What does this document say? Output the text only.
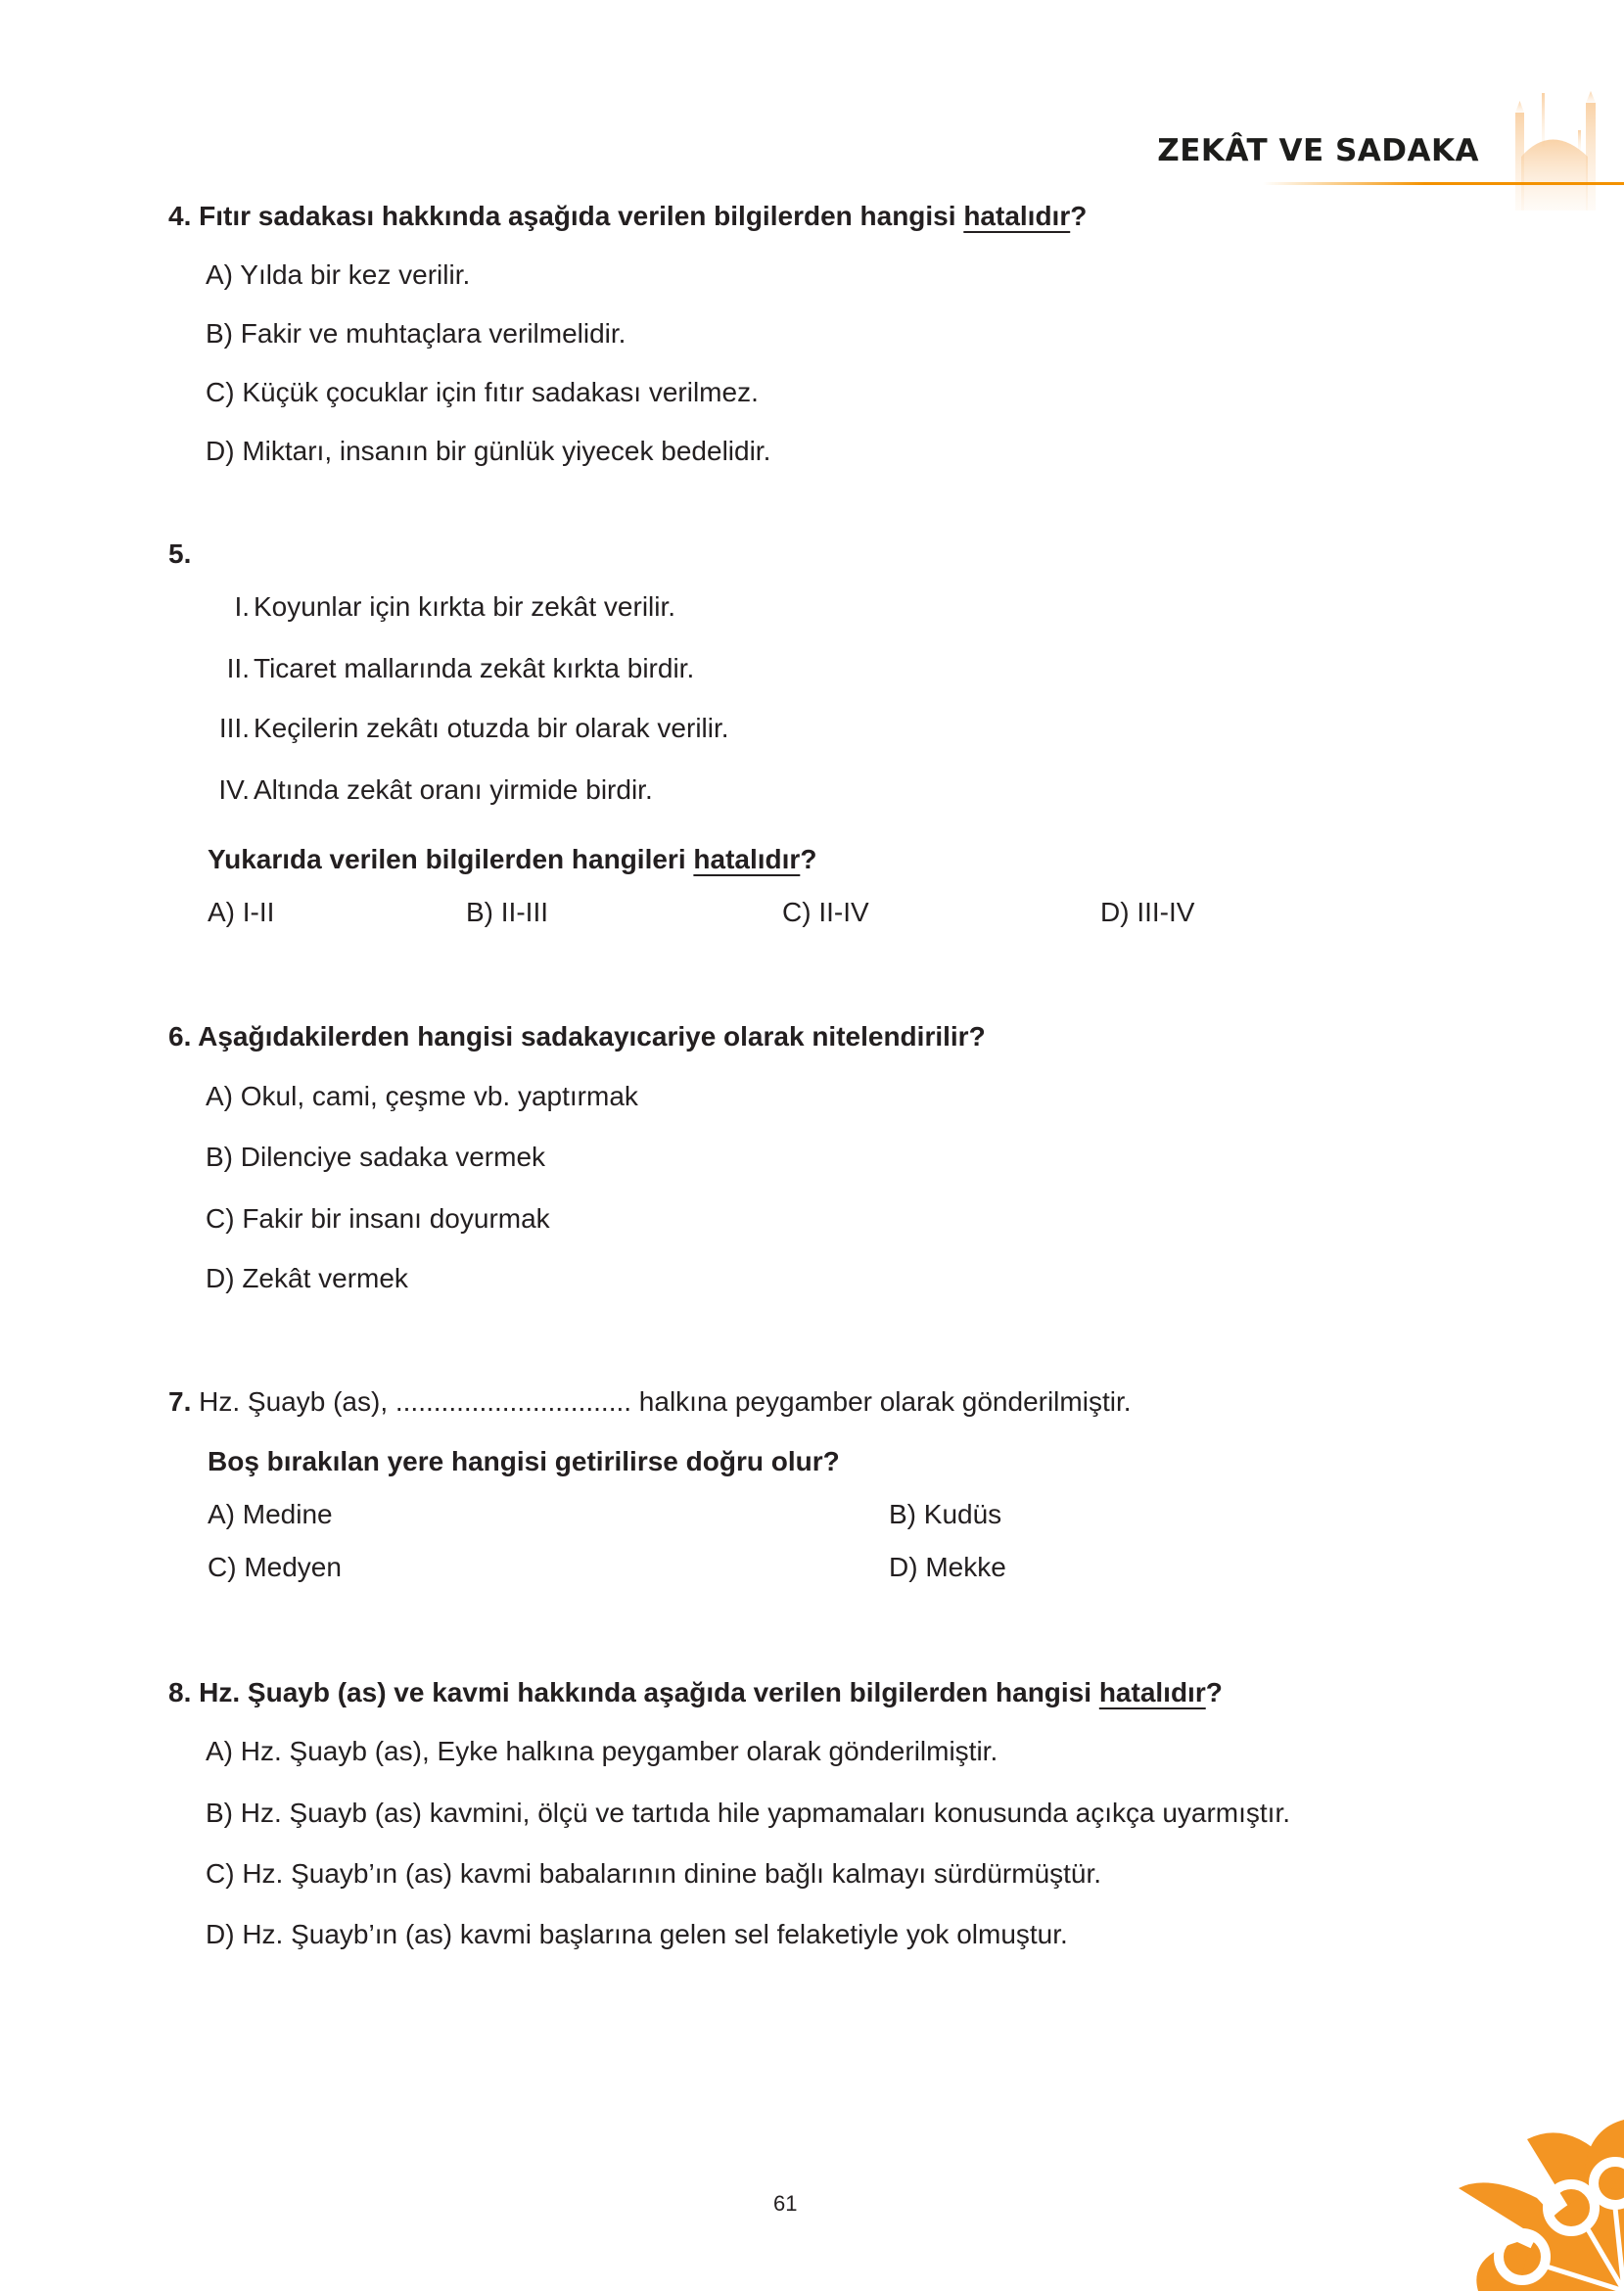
ZEKÂT VE SADAKA
4. Fıtır sadakası hakkında aşağıda verilen bilgilerden hangisi hatalıdır?
A) Yılda bir kez verilir.
B) Fakir ve muhtaçlara verilmelidir.
C) Küçük çocuklar için fıtır sadakası verilmez.
D) Miktarı, insanın bir günlük yiyecek bedelidir.
5.
I. Koyunlar için kırkta bir zekât verilir.
II. Ticaret mallarında zekât kırkta birdir.
III. Keçilerin zekâtı otuzda bir olarak verilir.
IV. Altında zekât oranı yirmide birdir.
Yukarıda verilen bilgilerden hangileri hatalıdır?
A) I-II	B) II-III	C) II-IV	D) III-IV
6. Aşağıdakilerden hangisi sadakayıcariye olarak nitelendirilir?
A) Okul, cami, çeşme vb. yaptırmak
B) Dilenciye sadaka vermek
C) Fakir bir insanı doyurmak
D) Zekât vermek
7. Hz. Şuayb (as), ............................... halkına peygamber olarak gönderilmiştir.
Boş bırakılan yere hangisi getirilirse doğru olur?
A) Medine	B) Kudüs
C) Medyen	D) Mekke
8. Hz. Şuayb (as) ve kavmi hakkında aşağıda verilen bilgilerden hangisi hatalıdır?
A) Hz. Şuayb (as), Eyke halkına peygamber olarak gönderilmiştir.
B) Hz. Şuayb (as) kavmini, ölçü ve tartıda hile yapmamaları konusunda açıkça uyarmıştır.
C) Hz. Şuayb’ın (as) kavmi babalarının dinine bağlı kalmayı sürdürmüştür.
D) Hz. Şuayb’ın (as) kavmi başlarına gelen sel felaketiyle yok olmuştur.
61
